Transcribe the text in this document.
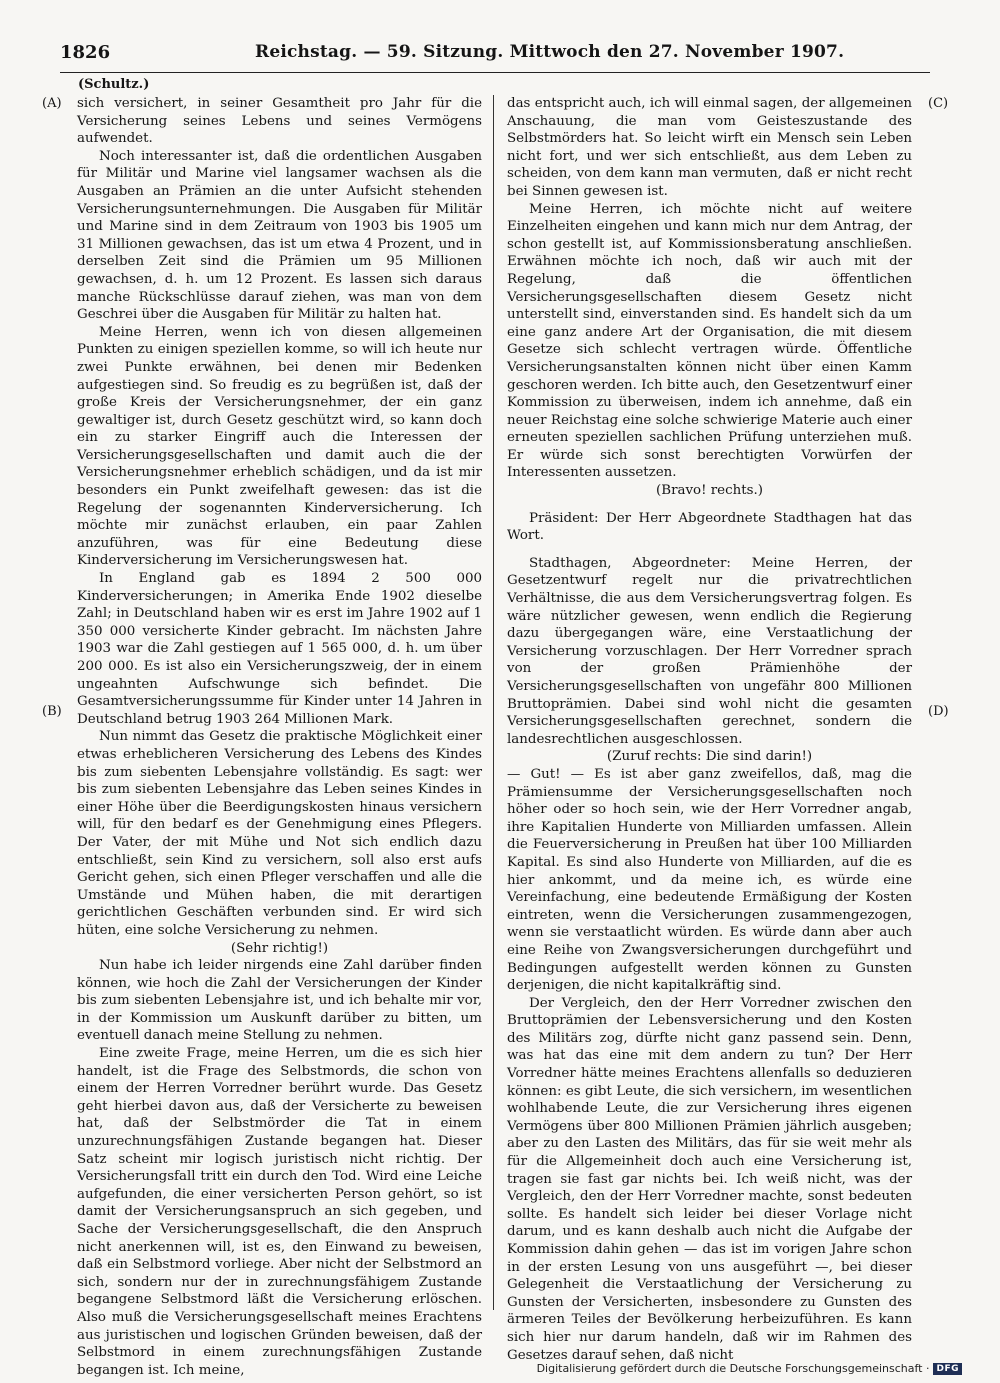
1826	Reichstag. — 59. Sitzung. Mittwoch den 27. November 1907.
(Schultz.)
(A)
(B)
(C)
(D)

sich versichert, in seiner Gesamtheit pro Jahr für die Versicherung seines Lebens und seines Vermögens aufwendet.

Noch interessanter ist, daß die ordentlichen Ausgaben für Militär und Marine viel langsamer wachsen als die Ausgaben an Prämien an die unter Aufsicht stehenden Versicherungsunternehmungen. Die Ausgaben für Militär und Marine sind in dem Zeitraum von 1903 bis 1905 um 31 Millionen gewachsen, das ist um etwa 4 Prozent, und in derselben Zeit sind die Prämien um 95 Millionen gewachsen, d. h. um 12 Prozent. Es lassen sich daraus manche Rückschlüsse darauf ziehen, was man von dem Geschrei über die Ausgaben für Militär zu halten hat.

Meine Herren, wenn ich von diesen allgemeinen Punkten zu einigen speziellen komme, so will ich heute nur zwei Punkte erwähnen, bei denen mir Bedenken aufgestiegen sind. So freudig es zu begrüßen ist, daß der große Kreis der Versicherungsnehmer, der ein ganz gewaltiger ist, durch Gesetz geschützt wird, so kann doch ein zu starker Eingriff auch die Interessen der Versicherungsgesellschaften und damit auch die der Versicherungsnehmer erheblich schädigen, und da ist mir besonders ein Punkt zweifelhaft gewesen: das ist die Regelung der sogenannten Kinderversicherung. Ich möchte mir zunächst erlauben, ein paar Zahlen anzuführen, was für eine Bedeutung diese Kinderversicherung im Versicherungswesen hat.

In England gab es 1894 2 500 000 Kinderversicherungen; in Amerika Ende 1902 dieselbe Zahl; in Deutschland haben wir es erst im Jahre 1902 auf 1 350 000 versicherte Kinder gebracht. Im nächsten Jahre 1903 war die Zahl gestiegen auf 1 565 000, d. h. um über 200 000. Es ist also ein Versicherungszweig, der in einem ungeahnten Aufschwunge sich befindet. Die Gesamtversicherungssumme für Kinder unter 14 Jahren in Deutschland betrug 1903 264 Millionen Mark.

Nun nimmt das Gesetz die praktische Möglichkeit einer etwas erheblicheren Versicherung des Lebens des Kindes bis zum siebenten Lebensjahre vollständig. Es sagt: wer bis zum siebenten Lebensjahre das Leben seines Kindes in einer Höhe über die Beerdigungskosten hinaus versichern will, für den bedarf es der Genehmigung eines Pflegers. Der Vater, der mit Mühe und Not sich endlich dazu entschließt, sein Kind zu versichern, soll also erst aufs Gericht gehen, sich einen Pfleger verschaffen und alle die Umstände und Mühen haben, die mit derartigen gerichtlichen Geschäften verbunden sind. Er wird sich hüten, eine solche Versicherung zu nehmen.

(Sehr richtig!)

Nun habe ich leider nirgends eine Zahl darüber finden können, wie hoch die Zahl der Versicherungen der Kinder bis zum siebenten Lebensjahre ist, und ich behalte mir vor, in der Kommission um Auskunft darüber zu bitten, um eventuell danach meine Stellung zu nehmen.

Eine zweite Frage, meine Herren, um die es sich hier handelt, ist die Frage des Selbstmords, die schon von einem der Herren Vorredner berührt wurde. Das Gesetz geht hierbei davon aus, daß der Versicherte zu beweisen hat, daß der Selbstmörder die Tat in einem unzurechnungsfähigen Zustande begangen hat. Dieser Satz scheint mir logisch juristisch nicht richtig. Der Versicherungsfall tritt ein durch den Tod. Wird eine Leiche aufgefunden, die einer versicherten Person gehört, so ist damit der Versicherungsanspruch an sich gegeben, und Sache der Versicherungsgesellschaft, die den Anspruch nicht anerkennen will, ist es, den Einwand zu beweisen, daß ein Selbstmord vorliege. Aber nicht der Selbstmord an sich, sondern nur der in zurechnungsfähigem Zustande begangene Selbstmord läßt die Versicherung erlöschen. Also muß die Versicherungsgesellschaft meines Erachtens aus juristischen und logischen Gründen beweisen, daß der Selbstmord in einem zurechnungsfähigen Zustande begangen ist. Ich meine,

das entspricht auch, ich will einmal sagen, der allgemeinen Anschauung, die man vom Geisteszustande des Selbstmörders hat. So leicht wirft ein Mensch sein Leben nicht fort, und wer sich entschließt, aus dem Leben zu scheiden, von dem kann man vermuten, daß er nicht recht bei Sinnen gewesen ist.

Meine Herren, ich möchte nicht auf weitere Einzelheiten eingehen und kann mich nur dem Antrag, der schon gestellt ist, auf Kommissionsberatung anschließen. Erwähnen möchte ich noch, daß wir auch mit der Regelung, daß die öffentlichen Versicherungsgesellschaften diesem Gesetz nicht unterstellt sind, einverstanden sind. Es handelt sich da um eine ganz andere Art der Organisation, die mit diesem Gesetze sich schlecht vertragen würde. Öffentliche Versicherungsanstalten können nicht über einen Kamm geschoren werden. Ich bitte auch, den Gesetzentwurf einer Kommission zu überweisen, indem ich annehme, daß ein neuer Reichstag eine solche schwierige Materie auch einer erneuten speziellen sachlichen Prüfung unterziehen muß. Er würde sich sonst berechtigten Vorwürfen der Interessenten aussetzen.

(Bravo! rechts.)

Präsident: Der Herr Abgeordnete Stadthagen hat das Wort.

Stadthagen, Abgeordneter: Meine Herren, der Gesetzentwurf regelt nur die privatrechtlichen Verhältnisse, die aus dem Versicherungsvertrag folgen. Es wäre nützlicher gewesen, wenn endlich die Regierung dazu übergegangen wäre, eine Verstaatlichung der Versicherung vorzuschlagen. Der Herr Vorredner sprach von der großen Prämienhöhe der Versicherungsgesellschaften von ungefähr 800 Millionen Bruttoprämien. Dabei sind wohl nicht die gesamten Versicherungsgesellschaften gerechnet, sondern die landesrechtlichen ausgeschlossen.

(Zuruf rechts: Die sind darin!)

— Gut! — Es ist aber ganz zweifellos, daß, mag die Prämiensumme der Versicherungsgesellschaften noch höher oder so hoch sein, wie der Herr Vorredner angab, ihre Kapitalien Hunderte von Milliarden umfassen. Allein die Feuerversicherung in Preußen hat über 100 Milliarden Kapital. Es sind also Hunderte von Milliarden, auf die es hier ankommt, und da meine ich, es würde eine Vereinfachung, eine bedeutende Ermäßigung der Kosten eintreten, wenn die Versicherungen zusammengezogen, wenn sie verstaatlicht würden. Es würde dann aber auch eine Reihe von Zwangsversicherungen durchgeführt und Bedingungen aufgestellt werden können zu Gunsten derjenigen, die nicht kapitalkräftig sind.

Der Vergleich, den der Herr Vorredner zwischen den Bruttoprämien der Lebensversicherung und den Kosten des Militärs zog, dürfte nicht ganz passend sein. Denn, was hat das eine mit dem andern zu tun? Der Herr Vorredner hätte meines Erachtens allenfalls so deduzieren können: es gibt Leute, die sich versichern, im wesentlichen wohlhabende Leute, die zur Versicherung ihres eigenen Vermögens über 800 Millionen Prämien jährlich ausgeben; aber zu den Lasten des Militärs, das für sie weit mehr als für die Allgemeinheit doch auch eine Versicherung ist, tragen sie fast gar nichts bei. Ich weiß nicht, was der Vergleich, den der Herr Vorredner machte, sonst bedeuten sollte. Es handelt sich leider bei dieser Vorlage nicht darum, und es kann deshalb auch nicht die Aufgabe der Kommission dahin gehen — das ist im vorigen Jahre schon in der ersten Lesung von uns ausgeführt —, bei dieser Gelegenheit die Verstaatlichung der Versicherung zu Gunsten der Versicherten, insbesondere zu Gunsten des ärmeren Teiles der Bevölkerung herbeizuführen. Es kann sich hier nur darum handeln, daß wir im Rahmen des Gesetzes darauf sehen, daß nicht

Digitalisierung gefördert durch die Deutsche Forschungsgemeinschaft · DFG
